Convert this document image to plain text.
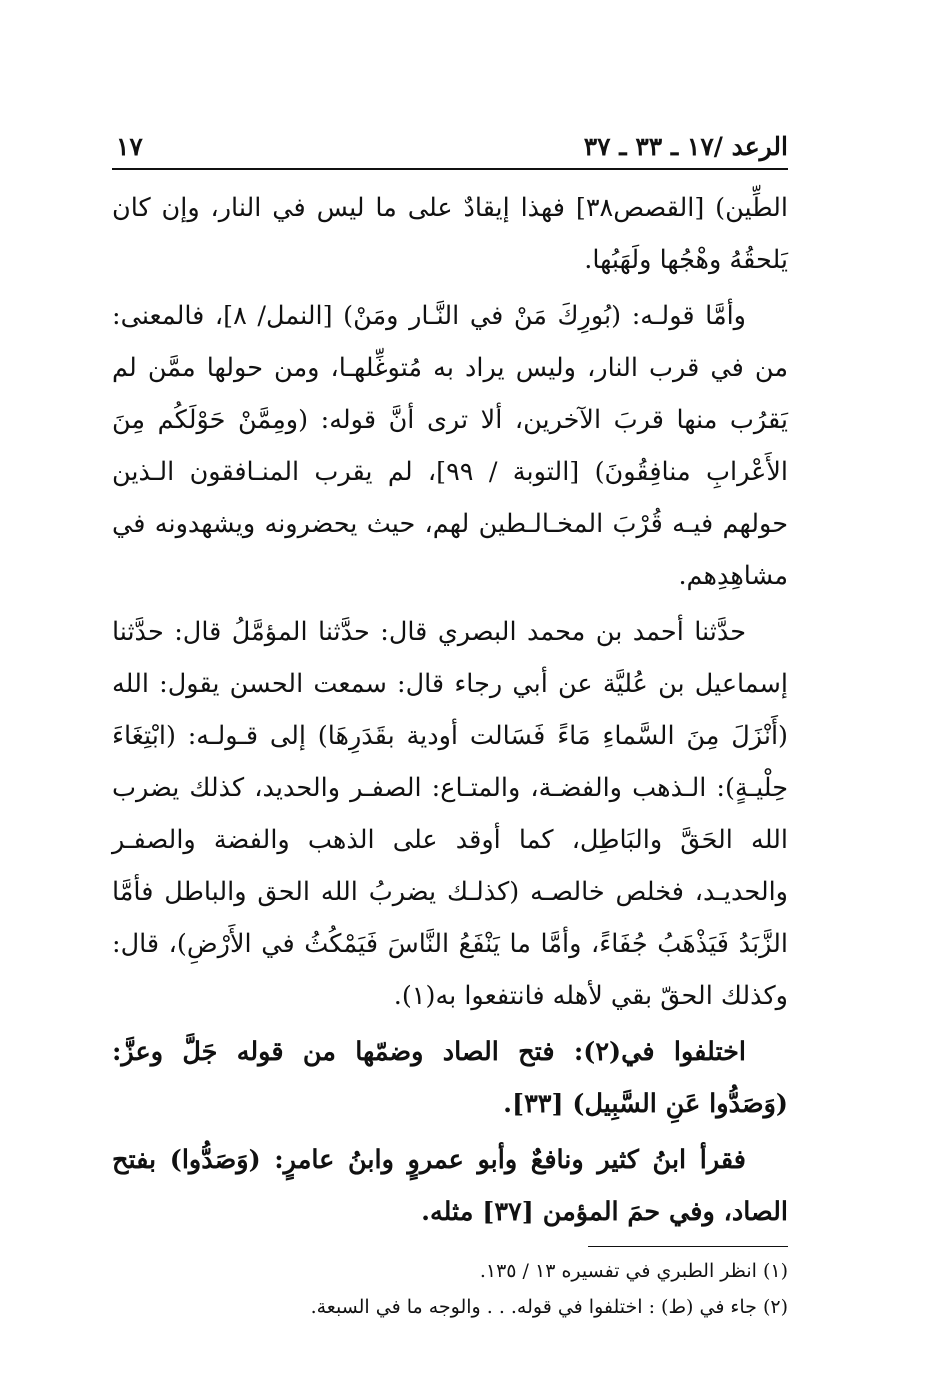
الرعد /١٧ ـ ٣٣ ـ ٣٧
١٧

الطِّين) [القصص٣٨] فهذا إيقادٌ على ما ليس في النار، وإن كان يَلحقُهُ وهْجُها ولَهَبُها.

وأمَّا قولـه: (بُورِكَ مَنْ في النَّـار ومَنْ) [النمل/ ٨]، فالمعنى: من في قرب النار، وليس يراد به مُتوغِّلهـا، ومن حولها ممَّن لم يَقرُب منها قربَ الآخرين، ألا ترى أنَّ قوله: (ومِمَّنْ حَوْلَكُم مِنَ الأَعْرابِ منافِقُونَ) [التوبة / ٩٩]، لم يقرب المنـافقون الـذين حولهم فيـه قُرْبَ المخـالـطين لهم، حيث يحضرونه ويشهدونه في مشاهِدِهم.

حدَّثنا أحمد بن محمد البصري قال: حدَّثنا المؤمَّلُ قال: حدَّثنا إسماعيل بن عُليَّة عن أبي رجاء قال: سمعت الحسن يقول: الله (أَنْزَلَ مِنَ السَّماءِ مَاءً فَسَالت أودية بقَدَرِهَا) إلى قـولـه: (ابْتِغَاءَ حِلْيـةٍ): الـذهب والفضـة، والمتـاع: الصفـر والحديد، كذلك يضرب الله الحَقَّ والبَاطِل، كما أوقد على الذهب والفضة والصفـر والحديـد، فخلص خالصـه (كذلـك يضربُ الله الحق والباطل فأمَّا الزَّبَدُ فَيَذْهَبُ جُفَاءً، وأمَّا ما يَنْفَعُ النَّاسَ فَيَمْكُثُ في الأَرْضِ)، قال: وكذلك الحقّ بقي لأهله فانتفعوا به(١).

اختلفوا في(٢): فتح الصاد وضمّها من قوله جَلَّ وعزَّ: (وَصَدُّوا عَنِ السَّبِيل) [٣٣].

فقرأ ابنُ كثير ونافعٌ وأبو عمروٍ وابنُ عامرٍ: (وَصَدُّوا) بفتح الصاد، وفي حمَ المؤمن [٣٧] مثله.

(١) انظر الطبري في تفسيره ١٣ / ١٣٥.

(٢) جاء في (ط) : اختلفوا في قوله. . . والوجه ما في السبعة.
